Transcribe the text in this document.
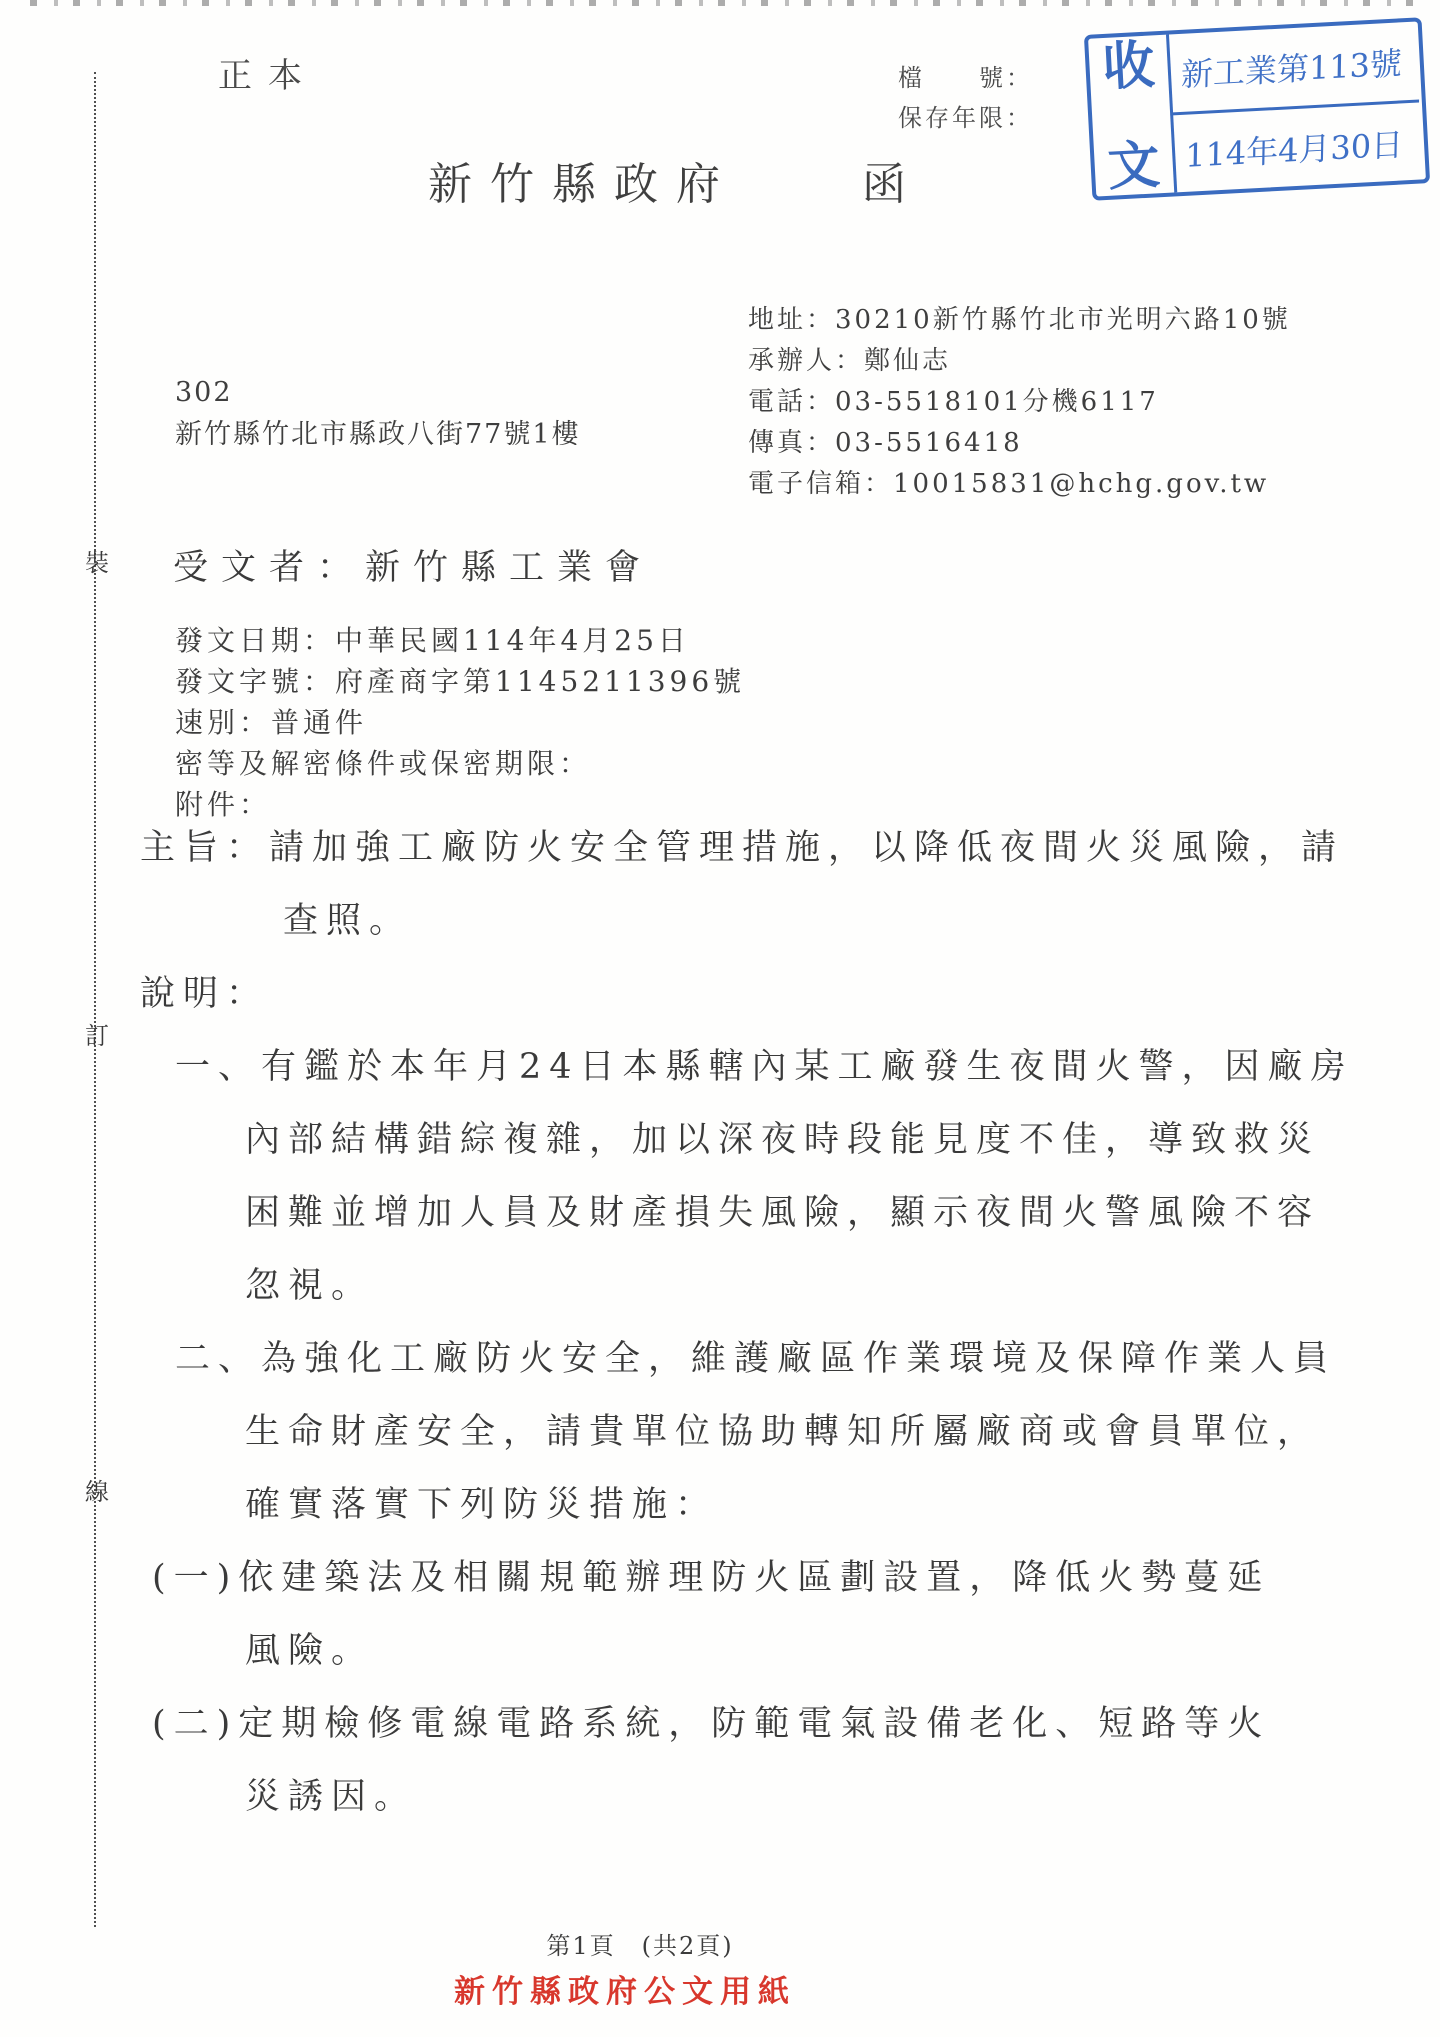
正本	檔　　號：
保存年限：
收
文
新工業第113號
114年4月30日
新竹縣政府　　函
地址：30210新竹縣竹北市光明六路10號
承辦人：鄭仙志
電話：03-5518101分機6117
傳真：03-5516418
電子信箱：10015831@hchg.gov.tw
302
新竹縣竹北市縣政八街77號1樓
受文者：新竹縣工業會
發文日期：中華民國114年4月25日
發文字號：府產商字第1145211396號
速別：普通件
密等及解密條件或保密期限：
附件：
主旨：請加強工廠防火安全管理措施，以降低夜間火災風險，請
查照。
說明：
一、有鑑於本年月24日本縣轄內某工廠發生夜間火警，因廠房
內部結構錯綜複雜，加以深夜時段能見度不佳，導致救災
困難並增加人員及財產損失風險，顯示夜間火警風險不容
忽視。
二、為強化工廠防火安全，維護廠區作業環境及保障作業人員
生命財產安全，請貴單位協助轉知所屬廠商或會員單位，
確實落實下列防災措施：
(一)依建築法及相關規範辦理防火區劃設置，降低火勢蔓延
風險。
(二)定期檢修電線電路系統，防範電氣設備老化、短路等火
災誘因。
裝
訂
線
第1頁　(共2頁)
新竹縣政府公文用紙
